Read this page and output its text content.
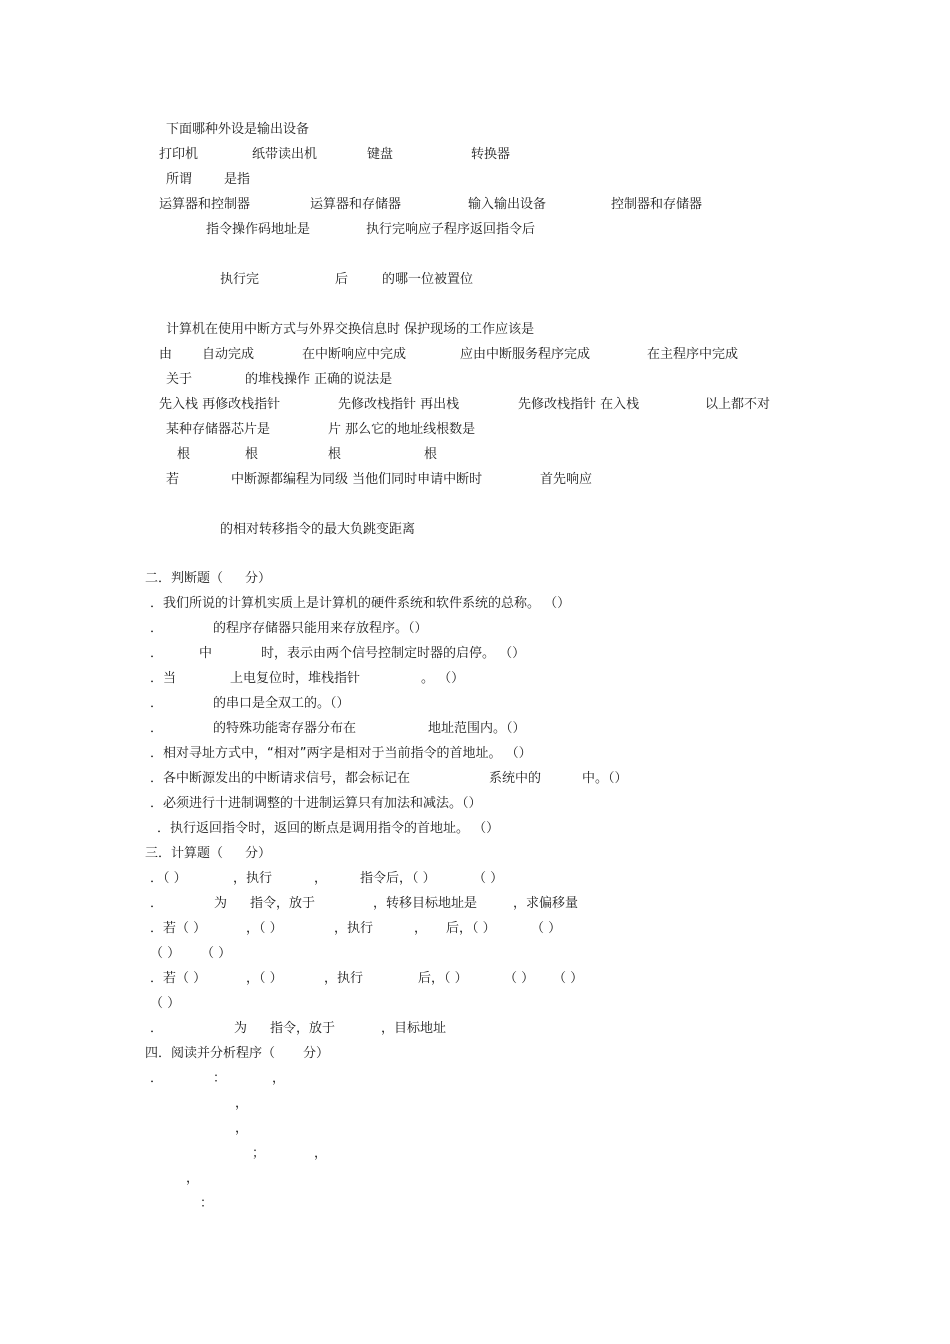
下面哪种外设是输出设备
打印机	纸带读出机	键盘	转换器
所谓 是指
运算器和控制器	运算器和存储器	输入输出设备	控制器和存储器
指令操作码地址是	执行完响应子程序返回指令后
执行完	后	的哪一位被置位
计算机在使用中断方式与外界交换信息时 保护现场的工作应该是
由 自动完成	在中断响应中完成	应由中断服务程序完成	在主程序中完成
关于	的堆栈操作 正确的说法是
先入栈 再修改栈指针	先修改栈指针 再出栈	先修改栈指针 在入栈	以上都不对
某种存储器芯片是	片 那么它的地址线根数是
根	根	根	根
若	中断源都编程为同级 当他们同时申请中断时	首先响应
的相对转移指令的最大负跳变距离
二．判断题（ 分）
．我们所说的计算机实质上是计算机的硬件系统和软件系统的总称。 （）
．	的程序存储器只能用来存放程序。（）
．	中	时，表示由两个信号控制定时器的启停。 （）
．当	上电复位时，堆栈指针	。 （）
．	的串口是全双工的。（）
．	的特殊功能寄存器分布在	地址范围内。（）
．相对寻址方式中，“相对”两字是相对于当前指令的首地址。 （）
．各中断源发出的中断请求信号，都会标记在	系统中的	中。（）
．必须进行十进制调整的十进制运算只有加法和减法。（）
．执行返回指令时，返回的断点是调用指令的首地址。 （）
三．计算题（ 分）
．（ ）	，执行	，	指令后，（ ）	（ ）
．	为 指令，放于	，转移目标地址是	，求偏移量
．若（ ）	，（ ）	，执行	， 后，（ ）	（ ）
（ ） （ ）
．若（ ）	，（ ）	，执行	后，（ ）	（ ） （ ）
（ ）
．	为 指令，放于	，目标地址
四．阅读并分析程序（ 分）
．	：	，
，
，
；	，
，
：
